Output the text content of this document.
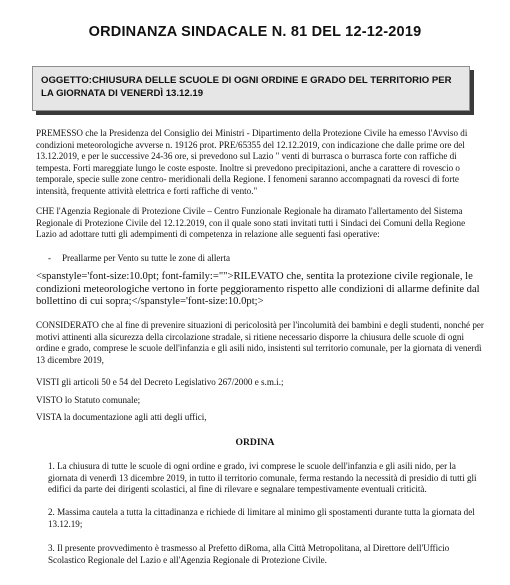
ORDINANZA SINDACALE N. 81 DEL 12-12-2019
OGGETTO:CHIUSURA DELLE SCUOLE DI OGNI ORDINE E GRADO DEL TERRITORIO PER LA GIORNATA DI VENERDÌ 13.12.19

PREMESSO che la Presidenza del Consiglio dei Ministri - Dipartimento della Protezione Civile ha emesso l'Avviso di condizioni meteorologiche avverse n. 19126 prot. PRE/65355 del 12.12.2019, con indicazione che dalle prime ore del 13.12.2019, e per le successive 24-36 ore, si prevedono sul Lazio " venti di burrasca o burrasca forte con raffiche di tempesta. Forti mareggiate lungo le coste esposte. Inoltre si prevedono precipitazioni, anche a carattere di rovescio o temporale, specie sulle zone centro- meridionali della Regione. I fenomeni saranno accompagnati da rovesci di forte intensità, frequente attività elettrica e forti raffiche di vento."

CHE l'Agenzia Regionale di Protezione Civile – Centro Funzionale Regionale ha diramato l'allertamento del Sistema Regionale di Protezione Civile del 12.12.2019, con il quale sono stati invitati tutti i Sindaci dei Comuni della Regione Lazio ad adottare tutti gli adempimenti di competenza in relazione alle seguenti fasi operative:

- Preallarme per Vento su tutte le zone di allerta

<spanstyle='font-size:10.0pt; font-family:="">RILEVATO che, sentita la protezione civile regionale, le condizioni meteorologiche vertono in forte peggioramento rispetto alle condizioni di allarme definite dal bollettino di cui sopra;</spanstyle='font-size:10.0pt;>

CONSIDERATO che al fine di prevenire situazioni di pericolosità per l'incolumità dei bambini e degli studenti, nonché per motivi attinenti alla sicurezza della circolazione stradale, si ritiene necessario disporre la chiusura delle scuole di ogni ordine e grado, comprese le scuole dell'infanzia e gli asili nido, insistenti sul territorio comunale, per la giornata di venerdì 13 dicembre 2019,

VISTI gli articoli 50 e 54 del Decreto Legislativo 267/2000 e s.m.i.;

VISTO lo Statuto comunale;

VISTA la documentazione agli atti degli uffici,

ORDINA

1. La chiusura di tutte le scuole di ogni ordine e grado, ivi comprese le scuole dell'infanzia e gli asili nido, per la giornata di venerdì 13 dicembre 2019, in tutto il territorio comunale, ferma restando la necessità di presidio di tutti gli edifici da parte dei dirigenti scolastici, al fine di rilevare e segnalare tempestivamente eventuali criticità.

2. Massima cautela a tutta la cittadinanza e richiede di limitare al minimo gli spostamenti durante tutta la giornata del 13.12.19;

3. Il presente provvedimento è trasmesso al Prefetto diRoma, alla Città Metropolitana, al Direttore dell'Ufficio Scolastico Regionale del Lazio e all'Agenzia Regionale di Protezione Civile.
